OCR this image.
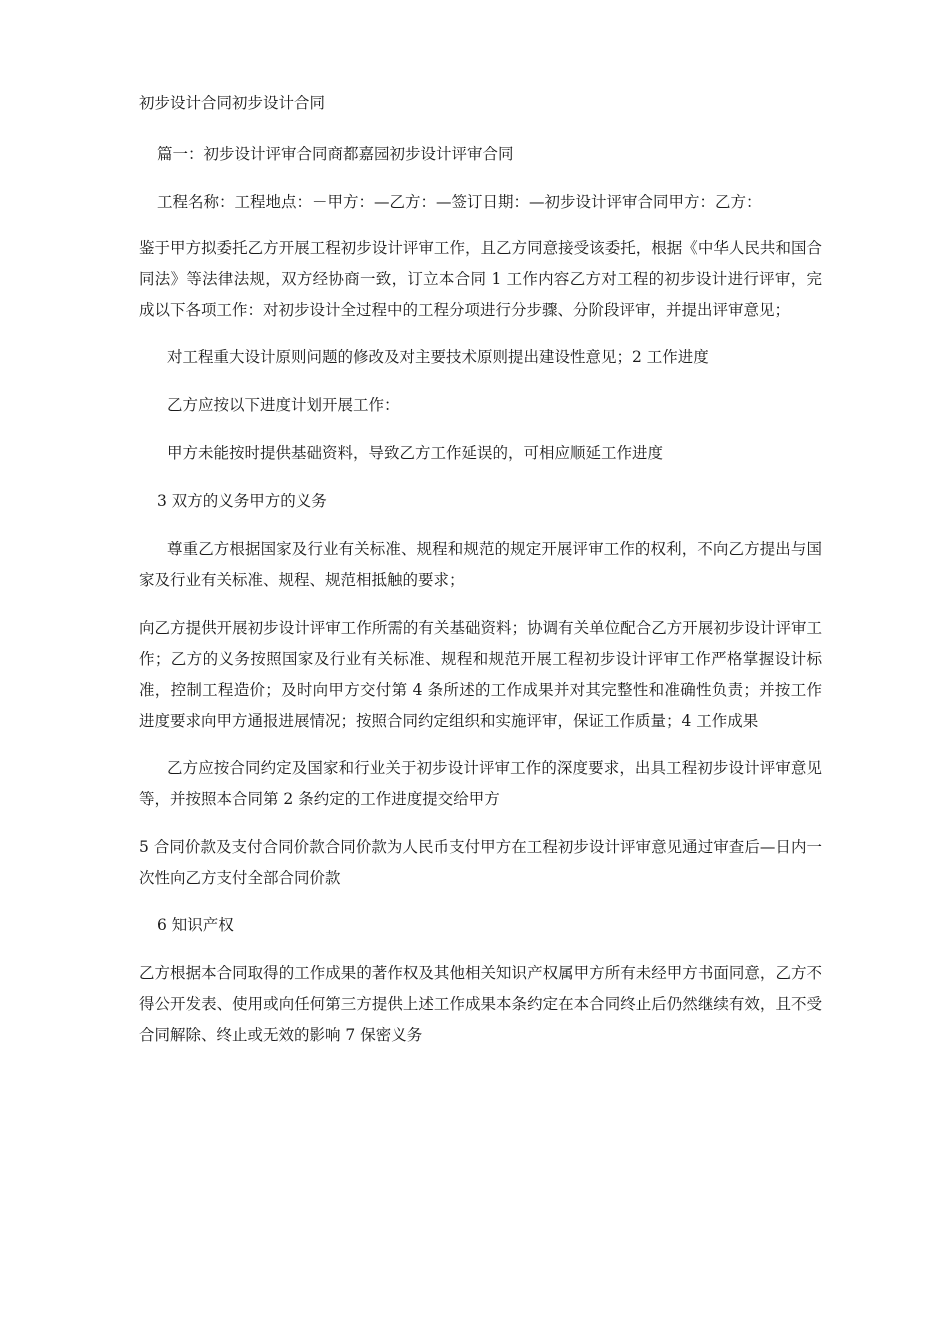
初步设计合同初步设计合同

篇一：初步设计评审合同商都嘉园初步设计评审合同

工程名称：工程地点：－甲方：—乙方：—签订日期：—初步设计评审合同甲方：乙方：

鉴于甲方拟委托乙方开展工程初步设计评审工作，且乙方同意接受该委托，根据《中华人民共和国合同法》等法律法规，双方经协商一致，订立本合同 1 工作内容乙方对工程的初步设计进行评审，完成以下各项工作：对初步设计全过程中的工程分项进行分步骤、分阶段评审，并提出评审意见；

对工程重大设计原则问题的修改及对主要技术原则提出建设性意见；2 工作进度

乙方应按以下进度计划开展工作：

甲方未能按时提供基础资料，导致乙方工作延误的，可相应顺延工作进度

3 双方的义务甲方的义务

尊重乙方根据国家及行业有关标准、规程和规范的规定开展评审工作的权利，不向乙方提出与国家及行业有关标准、规程、规范相抵触的要求；

向乙方提供开展初步设计评审工作所需的有关基础资料；协调有关单位配合乙方开展初步设计评审工作；乙方的义务按照国家及行业有关标准、规程和规范开展工程初步设计评审工作严格掌握设计标准，控制工程造价；及时向甲方交付第 4 条所述的工作成果并对其完整性和准确性负责；并按工作进度要求向甲方通报进展情况；按照合同约定组织和实施评审，保证工作质量；4 工作成果

乙方应按合同约定及国家和行业关于初步设计评审工作的深度要求，出具工程初步设计评审意见等，并按照本合同第 2 条约定的工作进度提交给甲方

5 合同价款及支付合同价款合同价款为人民币支付甲方在工程初步设计评审意见通过审查后—日内一次性向乙方支付全部合同价款

6 知识产权

乙方根据本合同取得的工作成果的著作权及其他相关知识产权属甲方所有未经甲方书面同意，乙方不得公开发表、使用或向任何第三方提供上述工作成果本条约定在本合同终止后仍然继续有效，且不受合同解除、终止或无效的影响 7 保密义务
